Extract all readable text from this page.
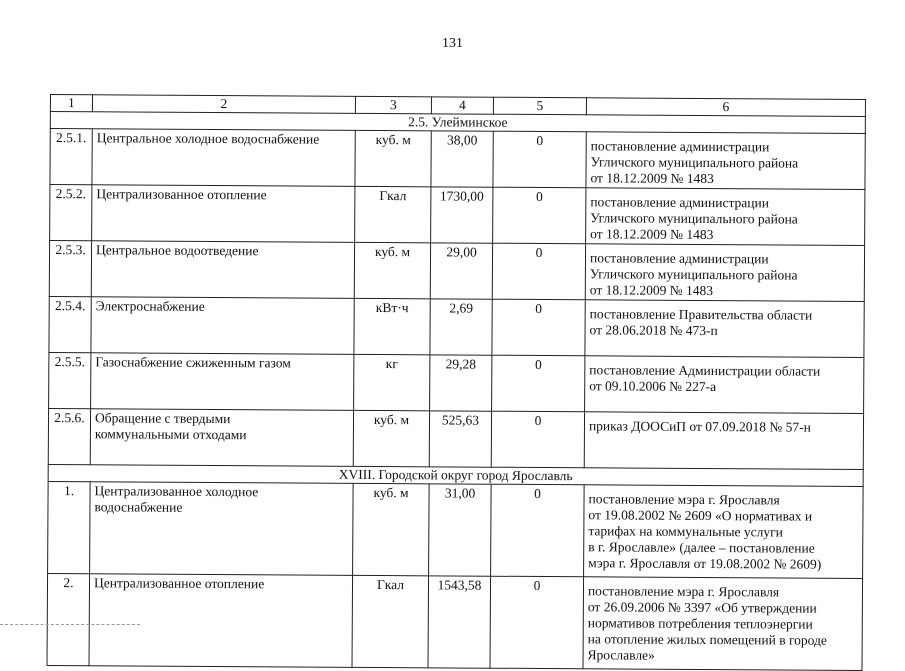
131
1	2	3	4	5	6
2.5. Улейминское					
2.5.1.	Центральное холодное водоснабжение	куб. м	38,00	0	постановление администрации
Угличского муниципального района
от 18.12.2009 № 1483

2.5.2.	Централизованное отопление	Гкал	1730,00	0	постановление администрации
Угличского муниципального района
от 18.12.2009 № 1483

2.5.3.	Центральное водоотведение	куб. м	29,00	0	постановление администрации
Угличского муниципального района
от 18.12.2009 № 1483

2.5.4.	Электроснабжение	кВт·ч	2,69	0	постановление Правительства области
от 28.06.2018 № 473-п

2.5.5.	Газоснабжение сжиженным газом	кг	29,28	0	постановление Администрации области
от 09.10.2006 № 227-а

2.5.6.	Обращение с твердыми
коммунальными отходами	куб. м	525,63	0	приказ ДООСиП от 07.09.2018 № 57-н

XVIII. Городской округ город Ярославль					
1.	Централизованное холодное
водоснабжение	куб. м	31,00	0	постановление мэра г. Ярославля
от 19.08.2002 № 2609 «О нормативах и
тарифах на коммунальные услуги
в г. Ярославле» (далее – постановление
мэра г. Ярославля от 19.08.2002 № 2609)

2.	Централизованное отопление	Гкал	1543,58	0	постановление мэра г. Ярославля
от 26.09.2006 № 3397 «Об утверждении
нормативов потребления теплоэнергии
на отопление жилых помещений в городе
Ярославле»
